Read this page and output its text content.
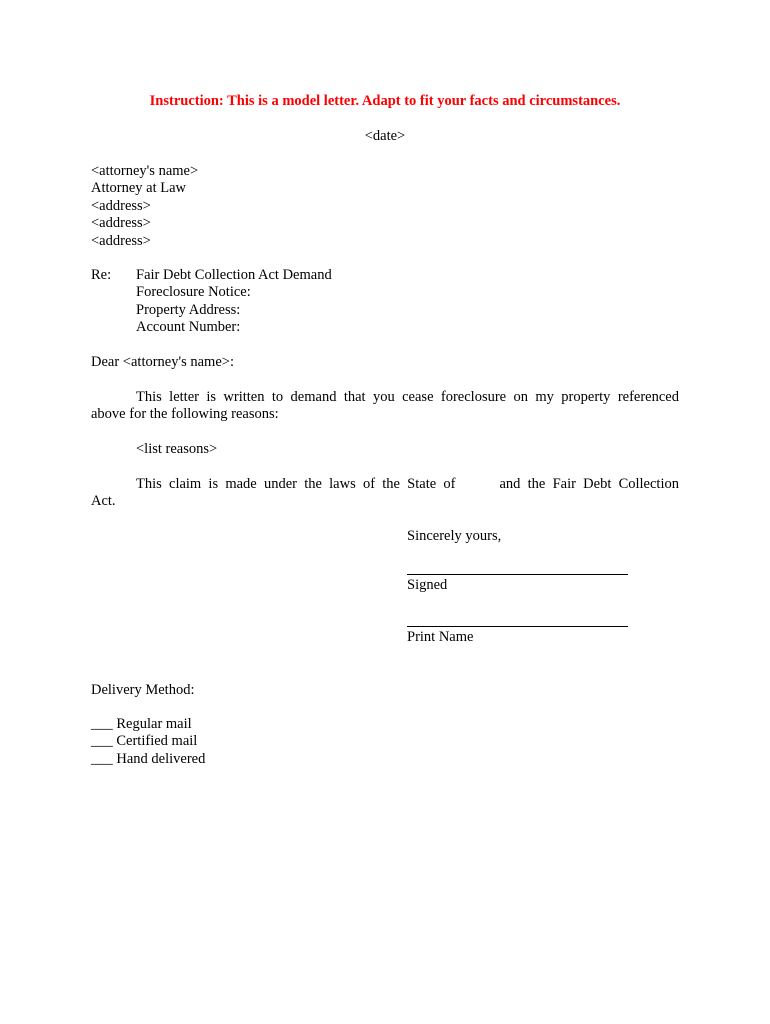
Instruction: This is a model letter. Adapt to fit your facts and circumstances.
<date>
<attorney's name>
Attorney at Law
<address>
<address>
<address>
Re: Fair Debt Collection Act Demand
Foreclosure Notice:
Property Address:
Account Number:
Dear <attorney's name>:
This letter is written to demand that you cease foreclosure on my property referenced
above for the following reasons:
<list reasons>
This claim is made under the laws of the State of	and the Fair Debt Collection
Act.
Sincerely yours,
Signed
Print Name
Delivery Method:
___ Regular mail
___ Certified mail
___ Hand delivered
